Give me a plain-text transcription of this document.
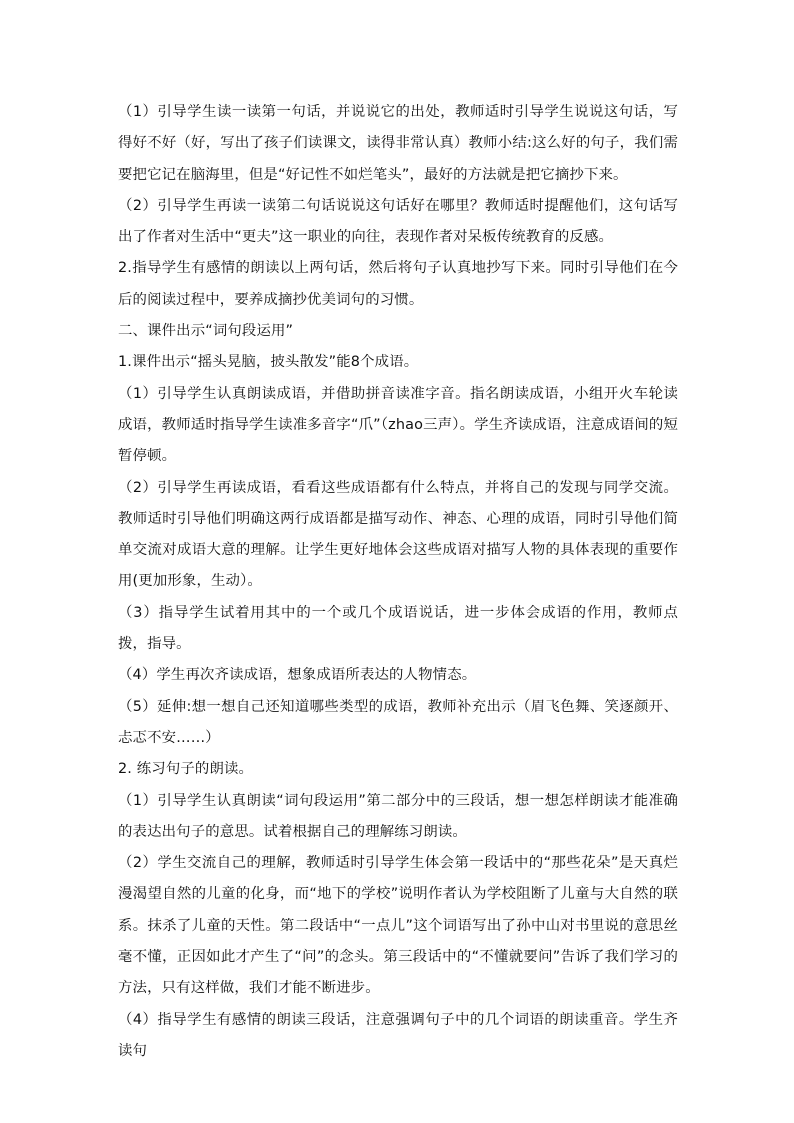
（1）引导学生读一读第一句话，并说说它的出处，教师适时引导学生说说这句话，写得好不好（好，写出了孩子们读课文，读得非常认真）教师小结:这么好的句子，我们需要把它记在脑海里，但是“好记性不如烂笔头”，最好的方法就是把它摘抄下来。

（2）引导学生再读一读第二句话说说这句话好在哪里？教师适时提醒他们，这句话写出了作者对生活中“更夫”这一职业的向往，表现作者对呆板传统教育的反感。

2.指导学生有感情的朗读以上两句话，然后将句子认真地抄写下来。同时引导他们在今后的阅读过程中，要养成摘抄优美词句的习惯。

二、课件出示“词句段运用”

1.课件出示“摇头晃脑，披头散发”能8个成语。

（1）引导学生认真朗读成语，并借助拼音读准字音。指名朗读成语，小组开火车轮读成语，教师适时指导学生读准多音字“爪”（zhao三声）。学生齐读成语，注意成语间的短暂停顿。

（2）引导学生再读成语，看看这些成语都有什么特点，并将自己的发现与同学交流。教师适时引导他们明确这两行成语都是描写动作、神态、心理的成语，同时引导他们简单交流对成语大意的理解。让学生更好地体会这些成语对描写人物的具体表现的重要作用(更加形象，生动）。

（3）指导学生试着用其中的一个或几个成语说话，进一步体会成语的作用，教师点拨，指导。

（4）学生再次齐读成语，想象成语所表达的人物情态。

（5）延伸:想一想自己还知道哪些类型的成语，教师补充出示（眉飞色舞、笑逐颜开、忐忑不安……）

2. 练习句子的朗读。

（1）引导学生认真朗读“词句段运用”第二部分中的三段话，想一想怎样朗读才能准确的表达出句子的意思。试着根据自己的理解练习朗读。

（2）学生交流自己的理解，教师适时引导学生体会第一段话中的“那些花朵”是天真烂漫渴望自然的儿童的化身，而“地下的学校”说明作者认为学校阻断了儿童与大自然的联系。抹杀了儿童的天性。第二段话中“一点儿”这个词语写出了孙中山对书里说的意思丝毫不懂，正因如此才产生了“问”的念头。第三段话中的“不懂就要问”告诉了我们学习的方法，只有这样做，我们才能不断进步。

（4）指导学生有感情的朗读三段话，注意强调句子中的几个词语的朗读重音。学生齐读句
